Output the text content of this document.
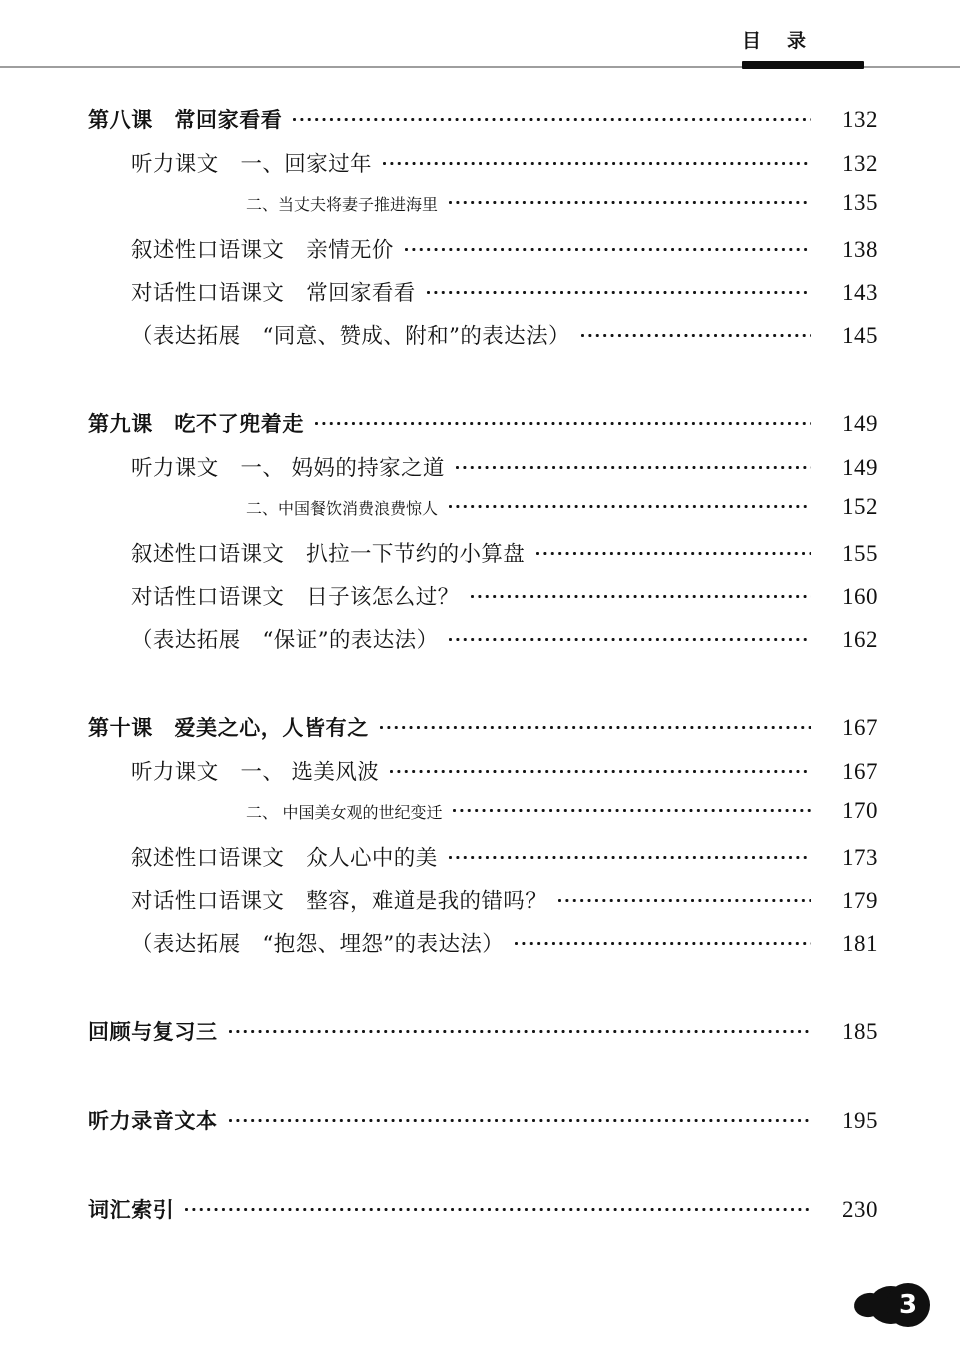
目录
第八课　常回家看看	132
听力课文　一、回家过年	132
二、当丈夫将妻子推进海里	135
叙述性口语课文　亲情无价	138
对话性口语课文　常回家看看	143
（表达拓展　“同意、赞成、附和”的表达法）	145
第九课　吃不了兜着走	149
听力课文　一、 妈妈的持家之道	149
二、中国餐饮消费浪费惊人	152
叙述性口语课文　扒拉一下节约的小算盘	155
对话性口语课文　日子该怎么过？	160
（表达拓展　“保证”的表达法）	162
第十课　爱美之心，人皆有之	167
听力课文　一、 选美风波	167
二、 中国美女观的世纪变迁	170
叙述性口语课文　众人心中的美	173
对话性口语课文　整容，难道是我的错吗？	179
（表达拓展　“抱怨、埋怨”的表达法）	181
回顾与复习三	185
听力录音文本	195
词汇索引	230
3
